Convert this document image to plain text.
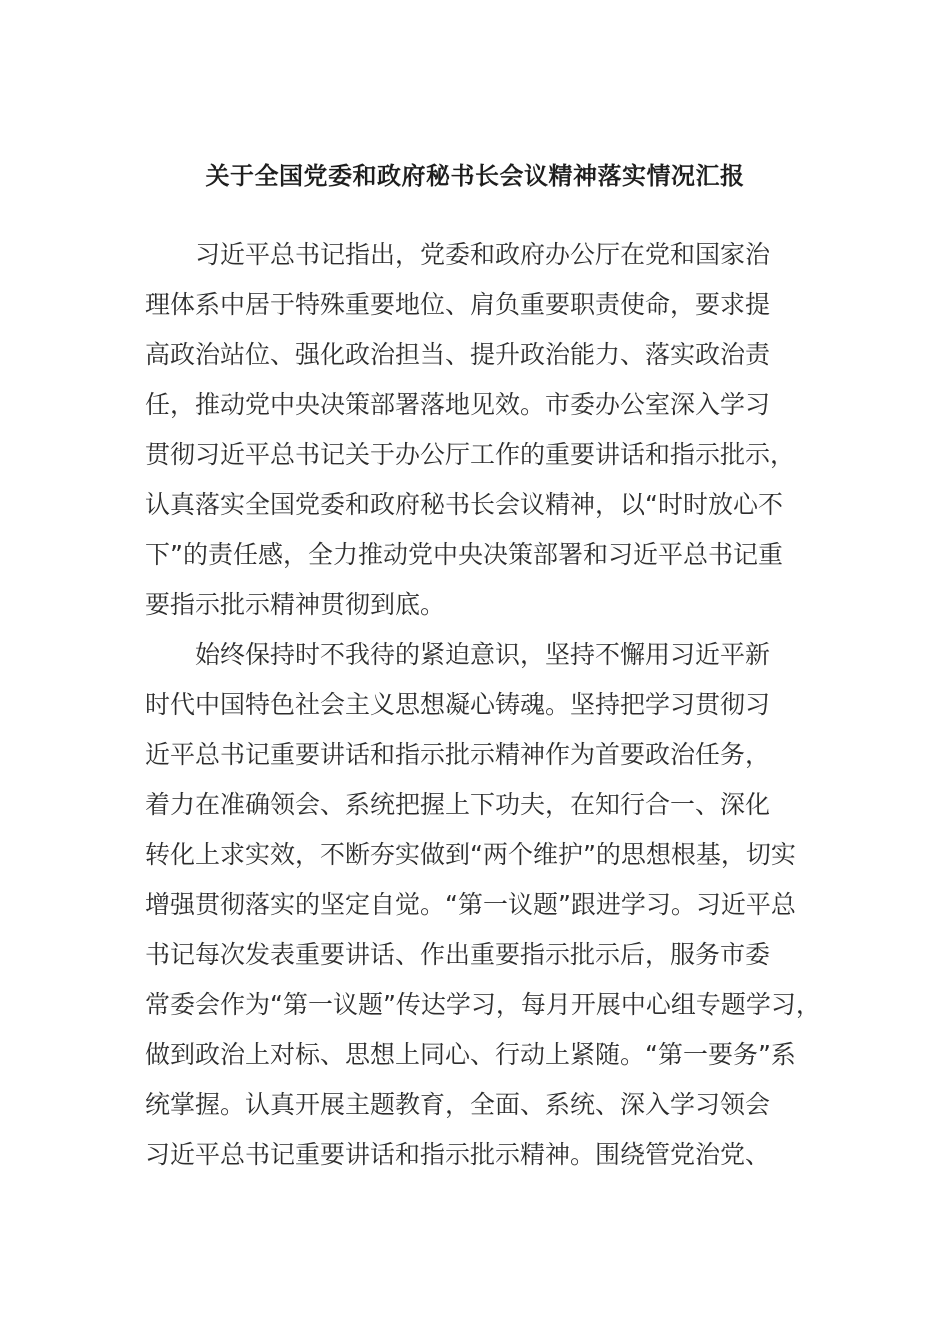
关于全国党委和政府秘书长会议精神落实情况汇报
习近平总书记指出，党委和政府办公厅在党和国家治
理体系中居于特殊重要地位、肩负重要职责使命，要求提
高政治站位、强化政治担当、提升政治能力、落实政治责
任，推动党中央决策部署落地见效。市委办公室深入学习
贯彻习近平总书记关于办公厅工作的重要讲话和指示批示，
认真落实全国党委和政府秘书长会议精神，以“时时放心不
下”的责任感，全力推动党中央决策部署和习近平总书记重
要指示批示精神贯彻到底。
始终保持时不我待的紧迫意识，坚持不懈用习近平新
时代中国特色社会主义思想凝心铸魂。坚持把学习贯彻习
近平总书记重要讲话和指示批示精神作为首要政治任务，
着力在准确领会、系统把握上下功夫，在知行合一、深化
转化上求实效，不断夯实做到“两个维护”的思想根基，切实
增强贯彻落实的坚定自觉。“第一议题”跟进学习。习近平总
书记每次发表重要讲话、作出重要指示批示后，服务市委
常委会作为“第一议题”传达学习，每月开展中心组专题学习，
做到政治上对标、思想上同心、行动上紧随。“第一要务”系
统掌握。认真开展主题教育，全面、系统、深入学习领会
习近平总书记重要讲话和指示批示精神。围绕管党治党、
